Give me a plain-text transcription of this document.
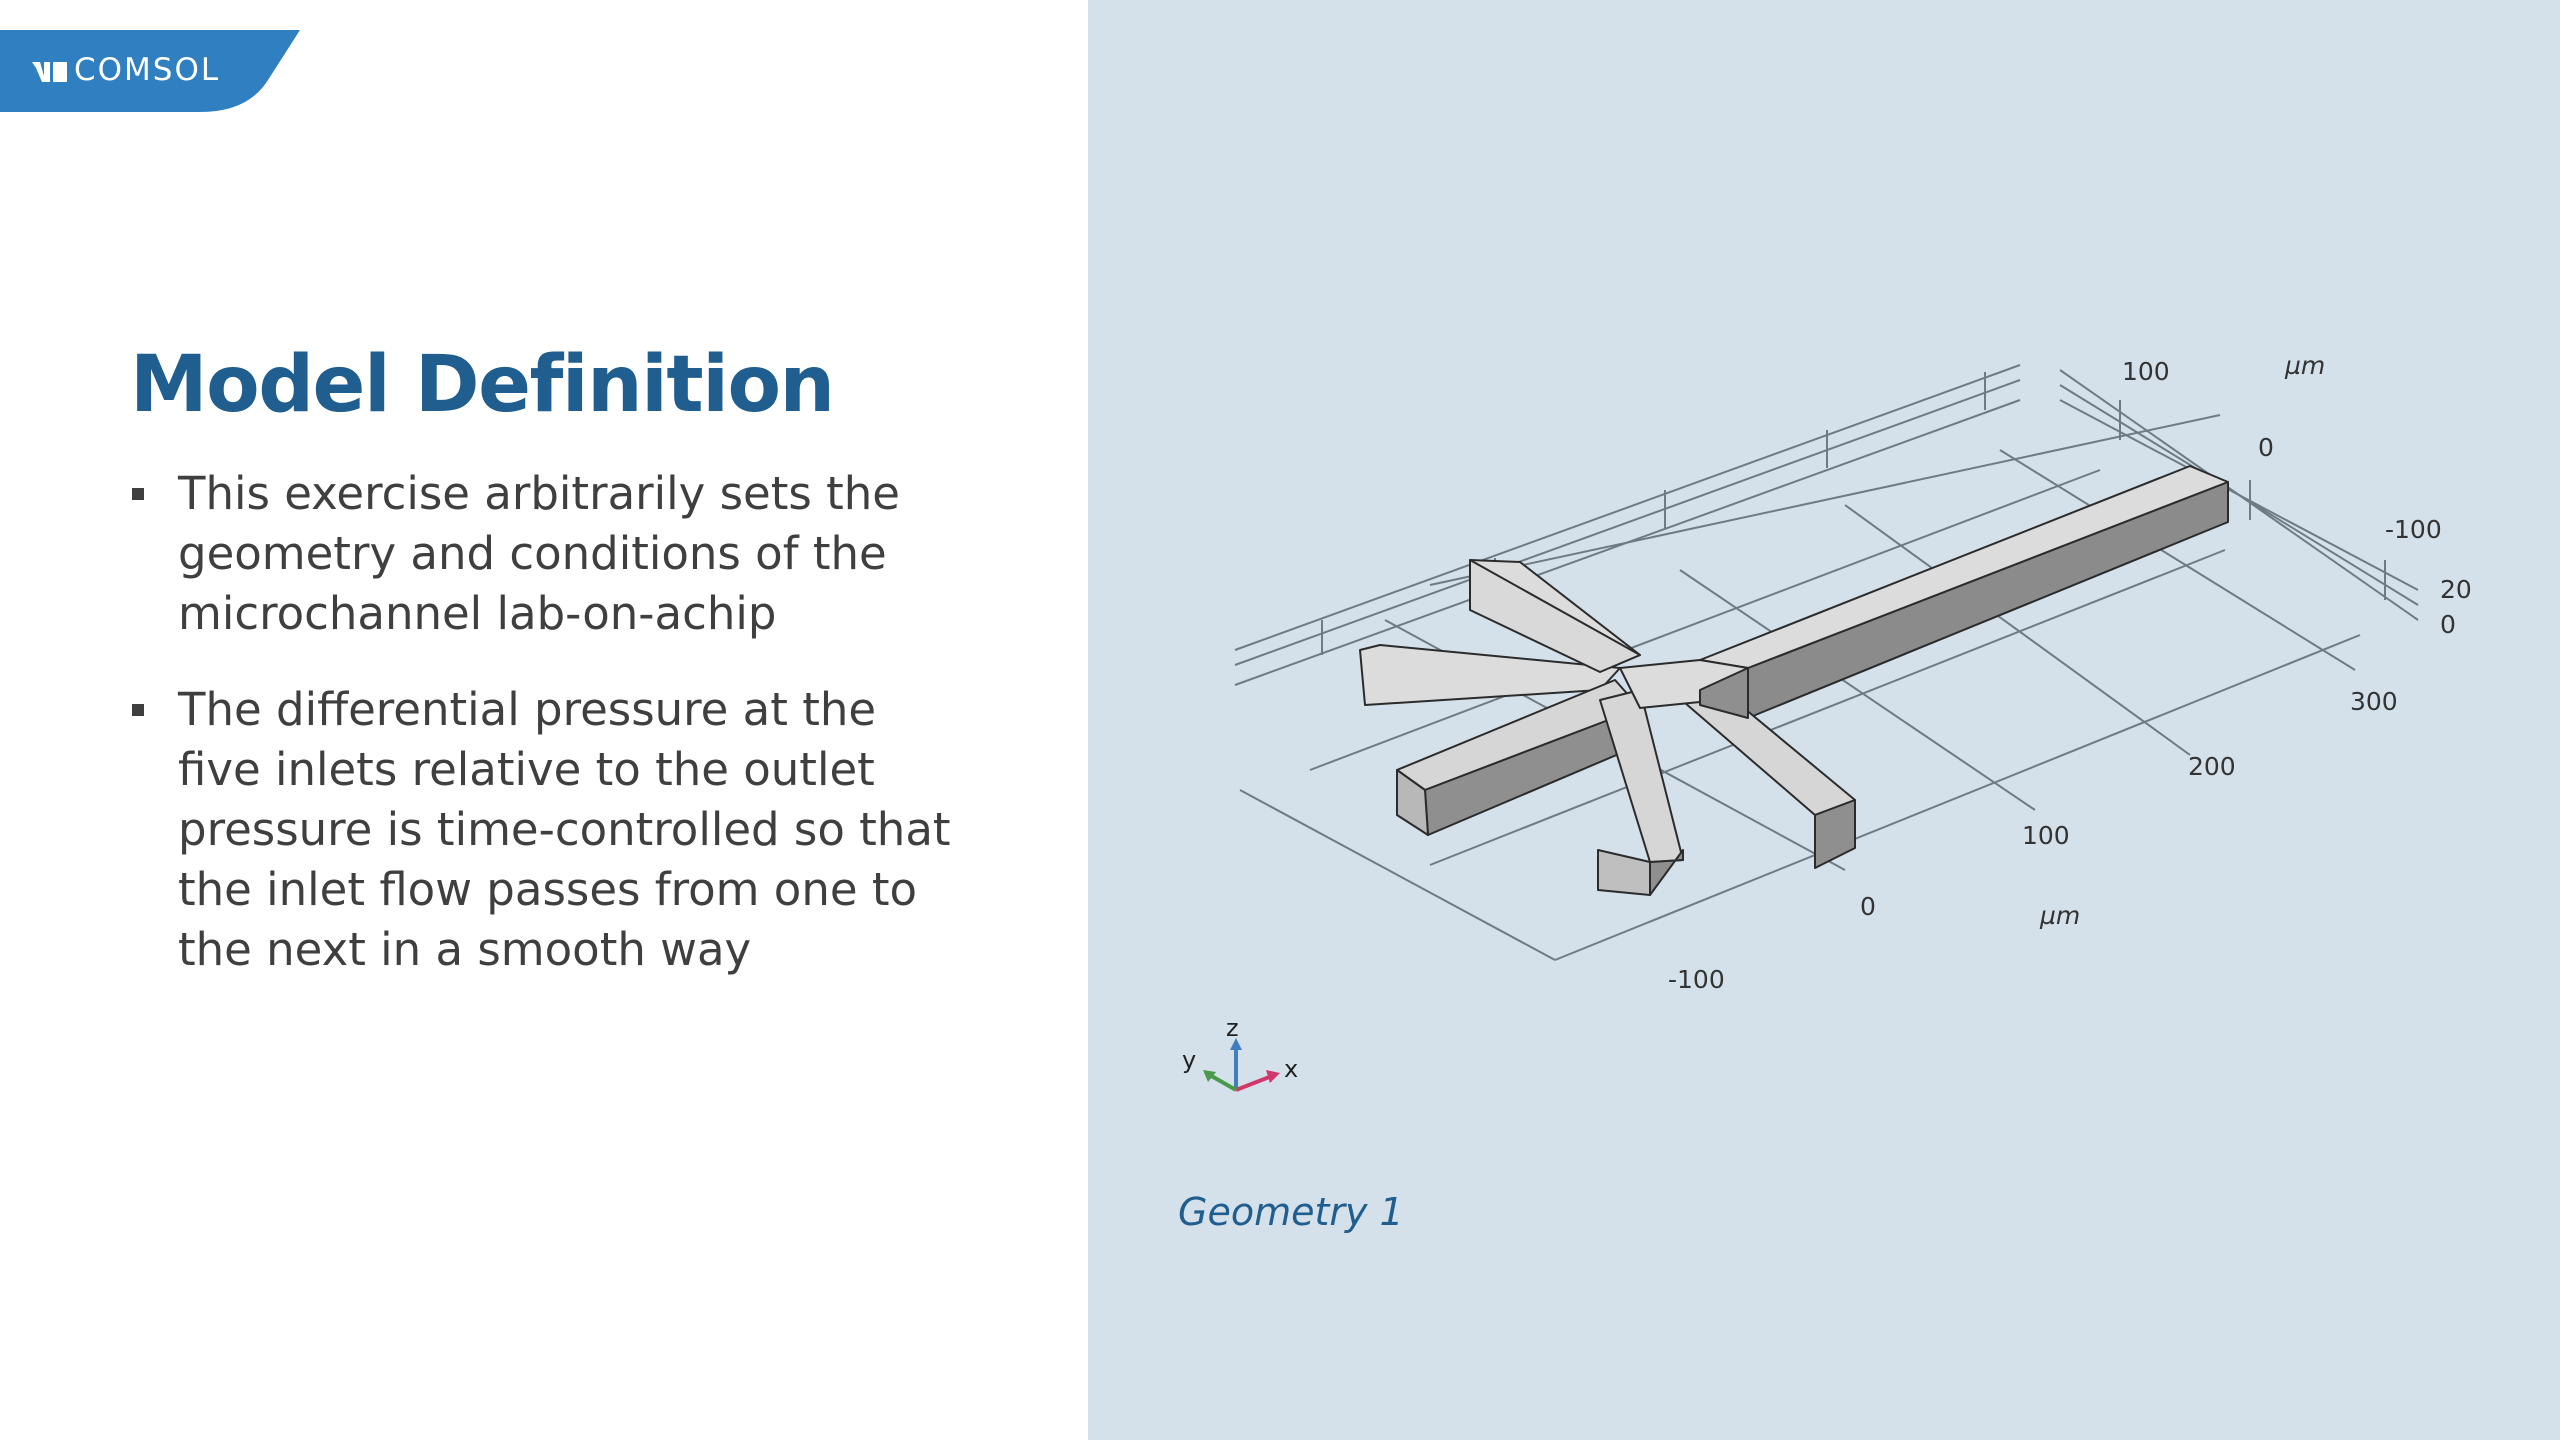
COMSOL
Model Definition
This exercise arbitrarily sets the geometry and conditions of the microchannel lab-on-achip
The differential pressure at the five inlets relative to the outlet pressure is time-controlled so that the inlet flow passes from one to the next in a smooth way
-100
0
100
200
300
100
0
-100
20
0
µm
µm
z
x
y
Geometry 1
